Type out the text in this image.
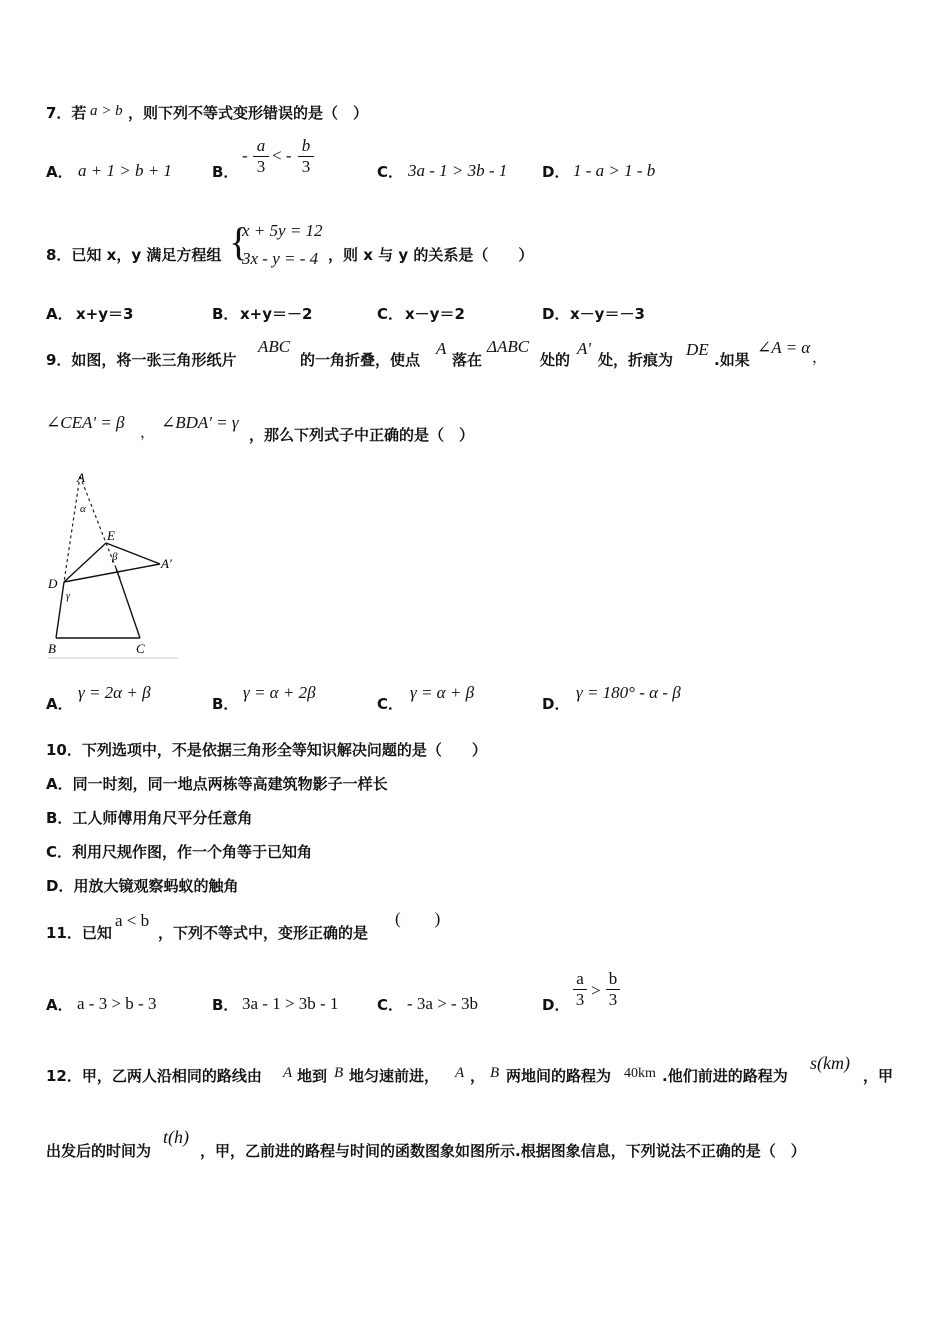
7．若 a > b ，则下列不等式变形错误的是（　）
A． a + 1 > b + 1	B．
-
a
3
< -
b
3	C． 3a - 1 > 3b - 1 D． 1 - a > 1 - b
8．已知 x，y 满足方程组 {
x + 5y = 12
3x - y = - 4 ，则 x 与 y 的关系是（　　）
A． x+y＝3	B． x+y＝－2	C． x－y＝2	D． x－y＝－3
9．如图，将一张三角形纸片
ABC
的一角折叠，使点
A
落在
ΔABC
处的
A'
处，折痕为
DE
.如果
∠A = α ，
∠CEA' = β ， ∠BDA' = γ
，那么下列式子中正确的是（　）
A
α
E
β	A′
D
γ
B	C
A．
γ = 2α + β
B．
γ = α + 2β
C．
γ = α + β
D．
γ = 180° - α - β
10．下列选项中，不是依据三角形全等知识解决问题的是（　　）
A．同一时刻，同一地点两栋等高建筑物影子一样长
B．工人师傅用角尺平分任意角
C．利用尺规作图，作一个角等于已知角
D．用放大镜观察蚂蚁的触角
11．已知
a < b
，下列不等式中，变形正确的是
(　　)
A． a - 3 > b - 3	B． 3a - 1 > 3b - 1	C． - 3a > - 3b	D．
a
3 >
b
3
12．甲，乙两人沿相同的路线由 A 地到 B 地匀速前进， A ， B 两地间的路程为 40km .他们前进的路程为
s(km)
，甲
出发后的时间为
t(h)
，甲，乙前进的路程与时间的函数图象如图所示.根据图象信息，下列说法不正确的是（　）
